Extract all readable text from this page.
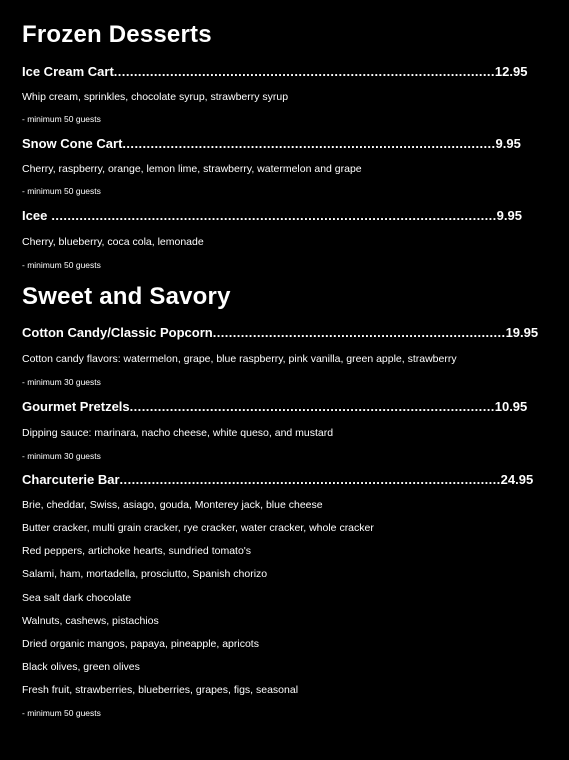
Frozen Desserts
Ice Cream Cart...............................................................................................12.95
Whip cream, sprinkles, chocolate syrup, strawberry syrup
- minimum 50 guests
Snow Cone Cart.............................................................................................9.95
Cherry, raspberry, orange, lemon lime, strawberry, watermelon and grape
- minimum 50 guests
Icee ...............................................................................................................9.95
Cherry, blueberry, coca cola, lemonade
- minimum 50 guests
Sweet and Savory
Cotton Candy/Classic Popcorn.........................................................................19.95
Cotton candy flavors: watermelon, grape, blue raspberry, pink vanilla, green apple, strawberry
- minimum 30 guests
Gourmet Pretzels...........................................................................................10.95
Dipping sauce: marinara, nacho cheese, white queso, and mustard
- minimum 30 guests
Charcuterie Bar...............................................................................................24.95
Brie, cheddar, Swiss, asiago, gouda, Monterey jack, blue cheese
Butter cracker, multi grain cracker, rye cracker, water cracker, whole cracker
Red peppers, artichoke hearts, sundried tomato's
Salami, ham, mortadella, prosciutto, Spanish chorizo
Sea salt dark chocolate
Walnuts, cashews, pistachios
Dried organic mangos, papaya, pineapple, apricots
Black olives, green olives
Fresh fruit, strawberries, blueberries, grapes, figs, seasonal
- minimum 50 guests
